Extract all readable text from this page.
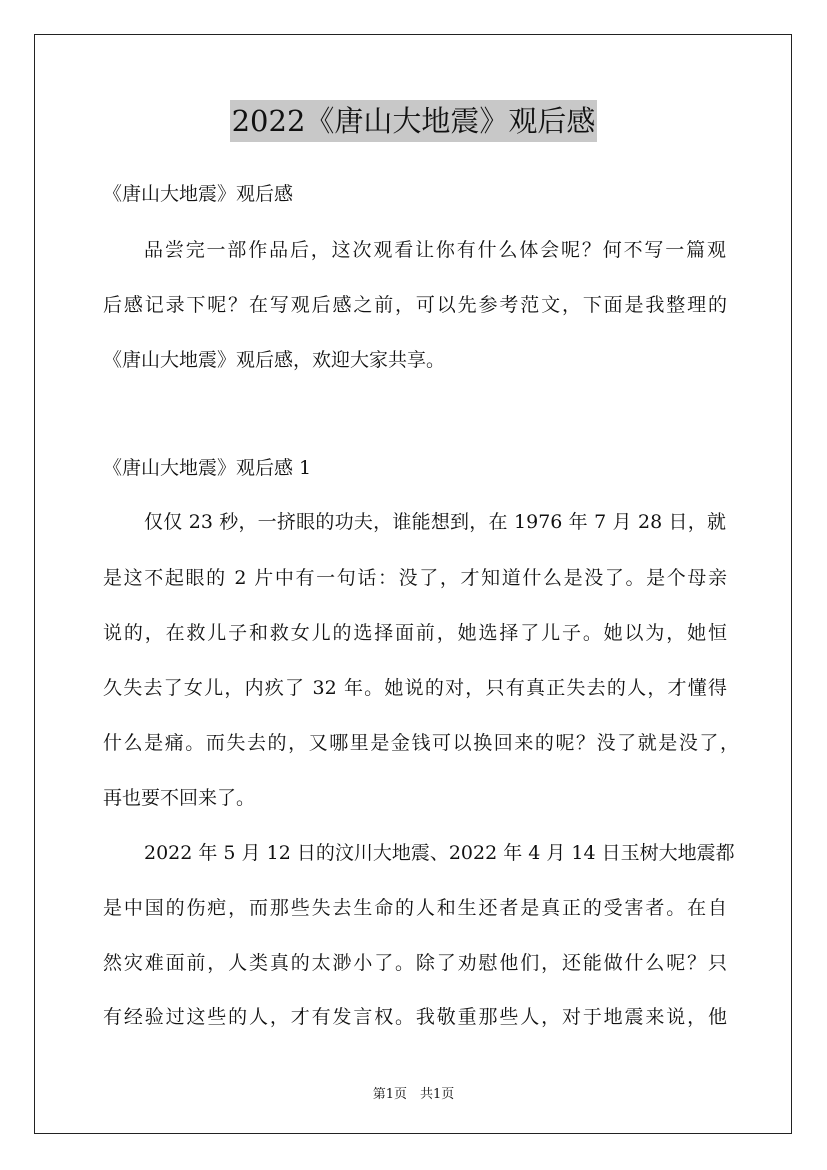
2022《唐山大地震》观后感
《唐山大地震》观后感
品尝完一部作品后，这次观看让你有什么体会呢？何不写一篇观
后感记录下呢？在写观后感之前，可以先参考范文，下面是我整理的
《唐山大地震》观后感，欢迎大家共享。
《唐山大地震》观后感 1
仅仅 23 秒，一挤眼的功夫，谁能想到，在 1976 年 7 月 28 日，就
是这不起眼的 2 片中有一句话：没了，才知道什么是没了。是个母亲
说的，在救儿子和救女儿的选择面前，她选择了儿子。她以为，她恒
久失去了女儿，内疚了 32 年。她说的对，只有真正失去的人，才懂得
什么是痛。而失去的，又哪里是金钱可以换回来的呢？没了就是没了，
再也要不回来了。
2022 年 5 月 12 日的汶川大地震、2022 年 4 月 14 日玉树大地震都
是中国的伤疤，而那些失去生命的人和生还者是真正的受害者。在自
然灾难面前，人类真的太渺小了。除了劝慰他们，还能做什么呢？只
有经验过这些的人，才有发言权。我敬重那些人，对于地震来说，他
第1页　共1页
